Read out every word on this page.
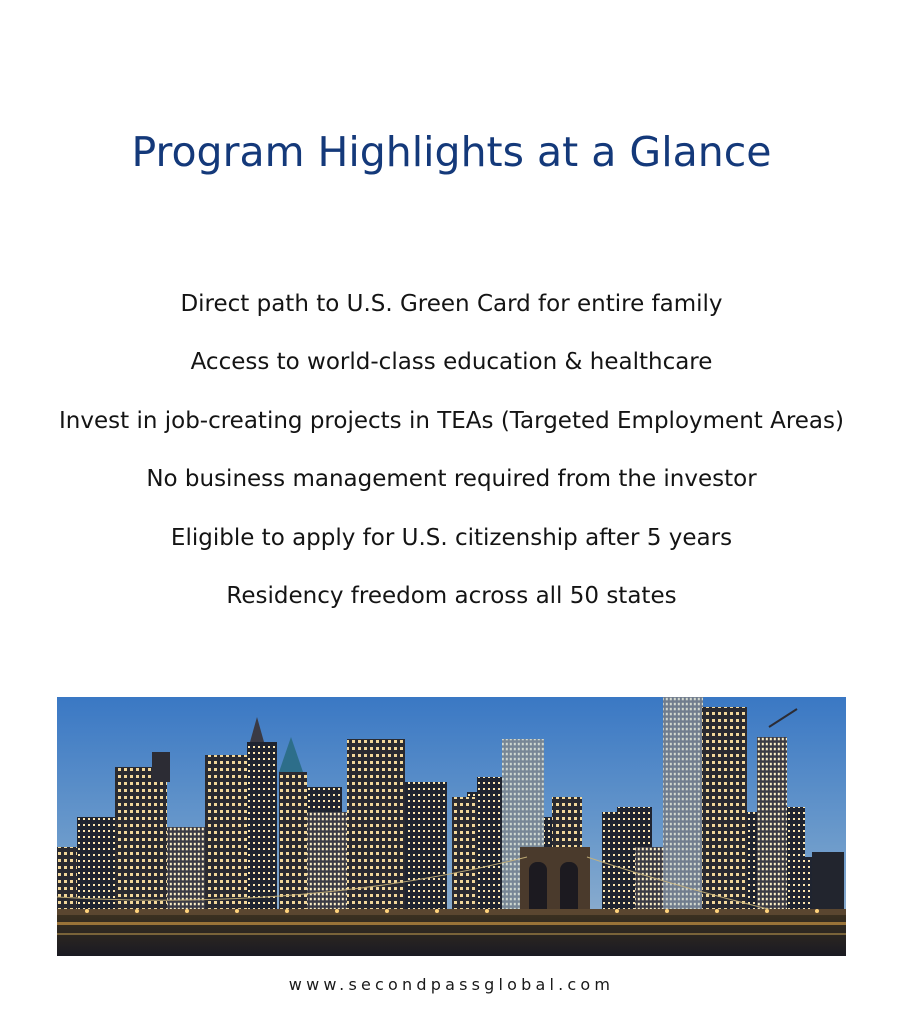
Program Highlights at a Glance
Direct path to U.S. Green Card for entire family
Access to world-class education & healthcare
Invest in job-creating projects in TEAs (Targeted Employment Areas)
No business management required from the investor
Eligible to apply for U.S. citizenship after 5 years
Residency freedom across all 50 states
www.secondpassglobal.com
